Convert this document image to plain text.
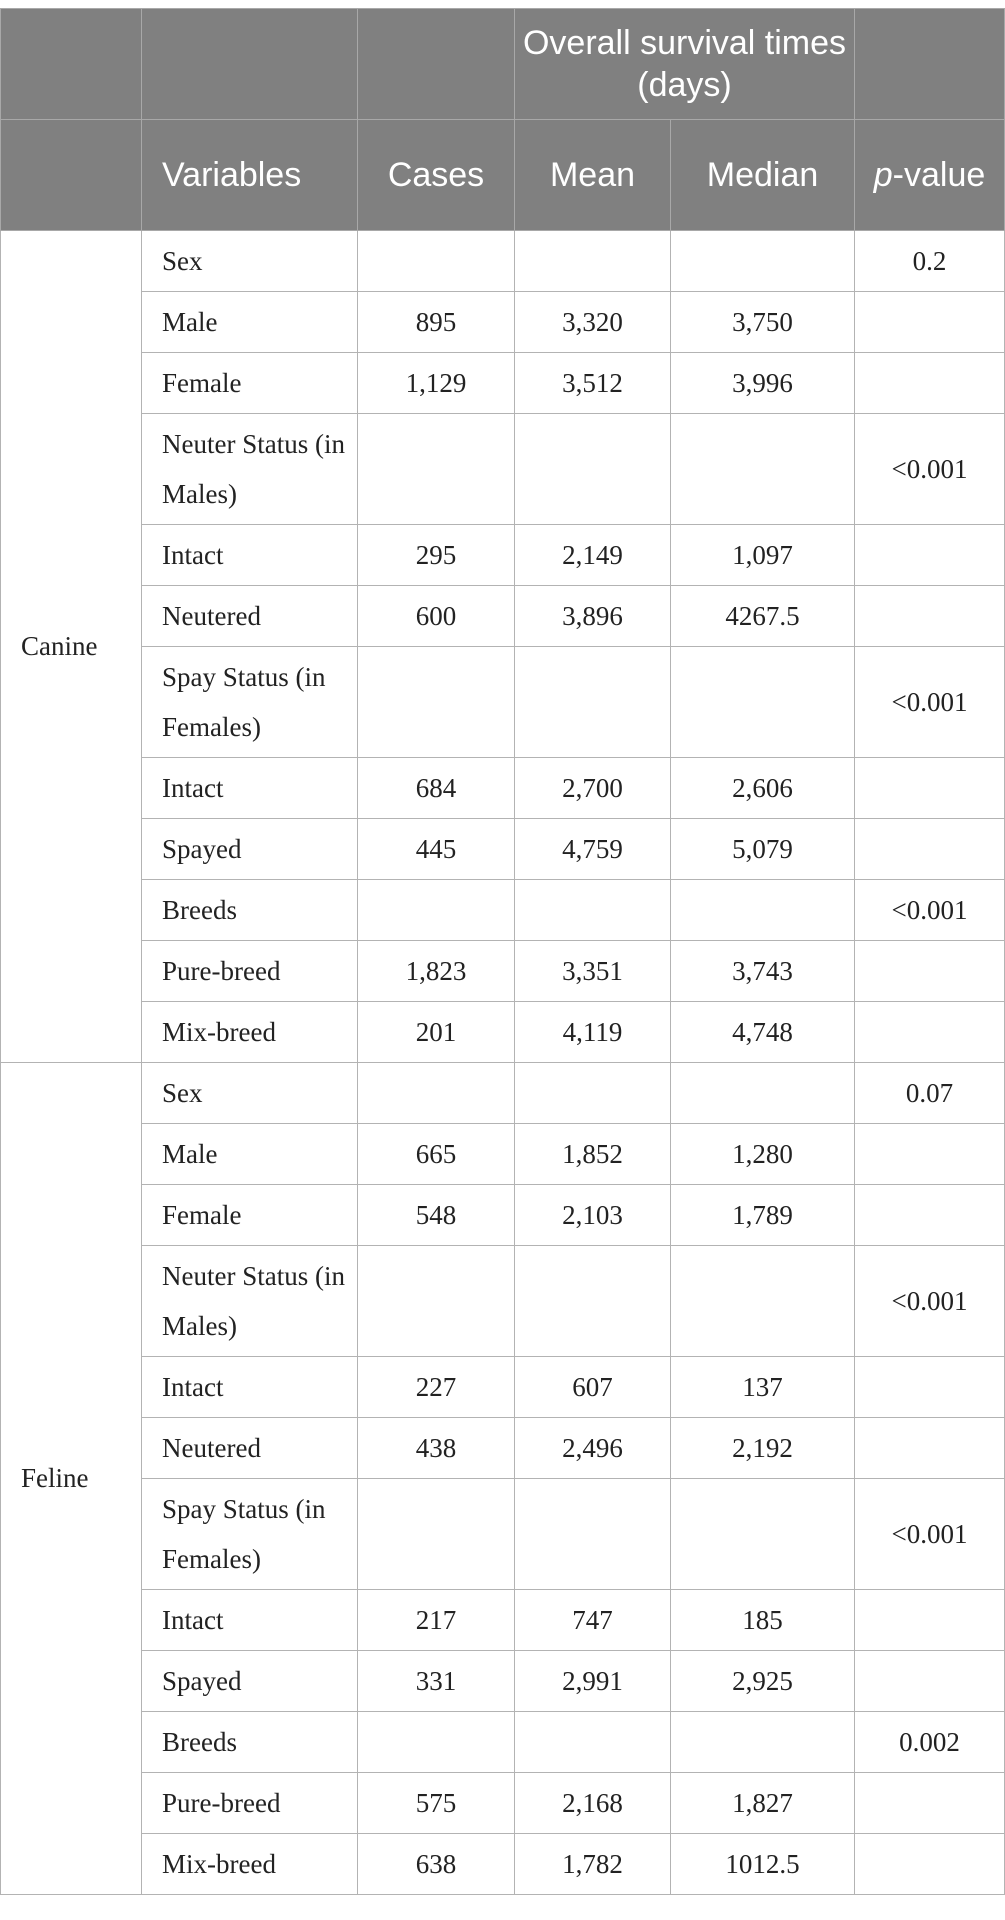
			Overall survival times (days)		
	Variables	Cases	Mean	Median	p-value
Canine	Sex				0.2
	Male	895	3,320	3,750	
	Female	1,129	3,512	3,996	
	Neuter Status (in Males)				<0.001
	Intact	295	2,149	1,097	
	Neutered	600	3,896	4267.5	
	Spay Status (in Females)				<0.001
	Intact	684	2,700	2,606	
	Spayed	445	4,759	5,079	
	Breeds				<0.001
	Pure-breed	1,823	3,351	3,743	
	Mix-breed	201	4,119	4,748	
Feline	Sex				0.07
	Male	665	1,852	1,280	
	Female	548	2,103	1,789	
	Neuter Status (in Males)				<0.001
	Intact	227	607	137	
	Neutered	438	2,496	2,192	
	Spay Status (in Females)				<0.001
	Intact	217	747	185	
	Spayed	331	2,991	2,925	
	Breeds				0.002
	Pure-breed	575	2,168	1,827	
	Mix-breed	638	1,782	1012.5	
